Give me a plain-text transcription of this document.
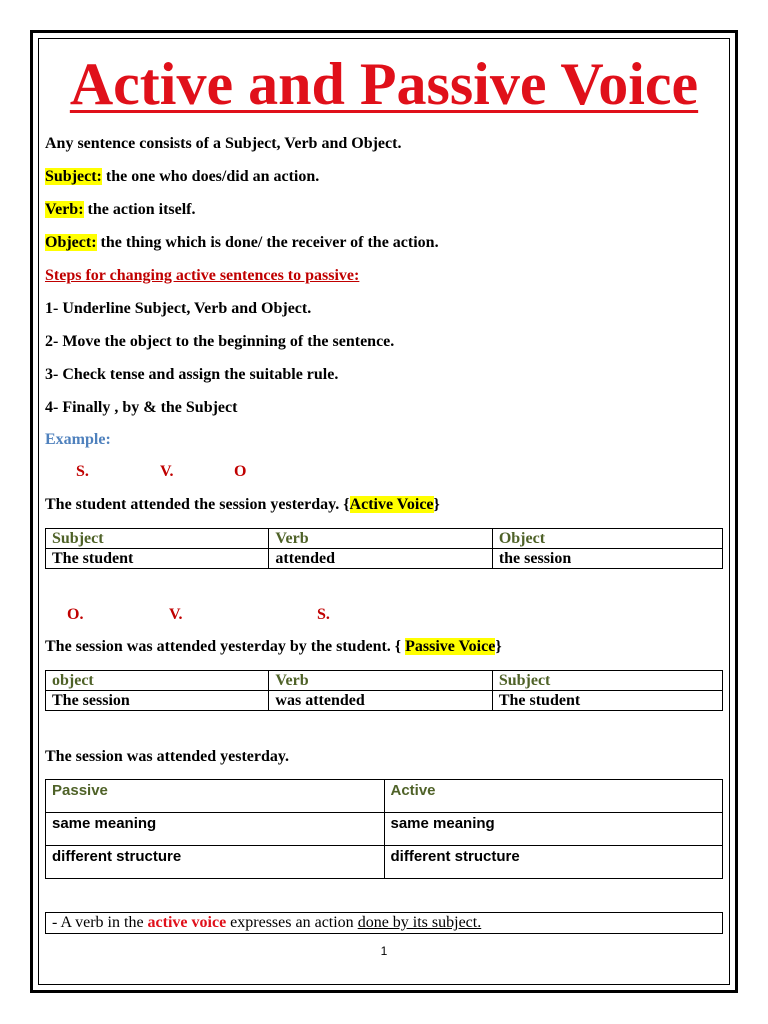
Active and Passive Voice
Any sentence consists of a Subject, Verb and Object.
Subject: the one who does/did an action.
Verb: the action itself.
Object: the thing which is done/ the receiver of the action.
Steps for changing active sentences to passive:
1- Underline Subject, Verb and Object.
2- Move the object to the beginning of the sentence.
3- Check tense and assign the suitable rule.
4- Finally , by & the Subject
Example:
S.	V.	O
The student attended the session yesterday. {Active Voice}
Subject	Verb	Object
The student	attended	the session
O.	V.	S.
The session was attended yesterday by the student. { Passive Voice}
object	Verb	Subject
The session	was attended	The student
The session was attended yesterday.
Passive	Active
same meaning	same meaning
different structure	different structure
- A verb in the active voice expresses an action done by its subject.
1
